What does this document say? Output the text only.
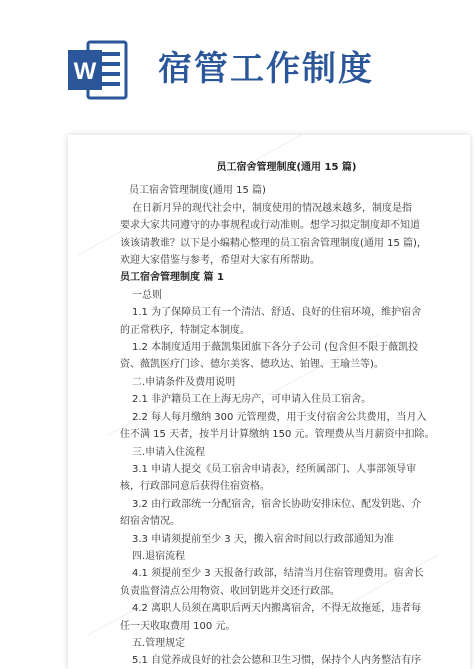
W 宿管工作制度
员工宿舍管理制度(通用 15 篇)
员工宿舍管理制度(通用 15 篇)
在日新月异的现代社会中，制度使用的情况越来越多，制度是指
要求大家共同遵守的办事规程或行动准则。想学习拟定制度却不知道
该该请教谁？以下是小编精心整理的员工宿舍管理制度(通用 15 篇)，
欢迎大家借鉴与参考，希望对大家有所帮助。
员工宿舍管理制度 篇 1
一总则
1.1 为了保障员工有一个清洁、舒适、良好的住宿环境，维护宿舍
的正常秩序，特制定本制度。
1.2 本制度适用于薇凯集团旗下各分子公司 (包含但不限于薇凯投
资、薇凯医疗门诊、德尔美客、德玖达、铂锂、王瑜兰等)。
二.申请条件及费用说明
2.1 非沪籍员工在上海无房产，可申请入住员工宿舍。
2.2 每人每月缴纳 300 元管理费，用于支付宿舍公共费用，当月入
住不满 15 天者，按半月计算缴纳 150 元。管理费从当月薪资中扣除。
三.申请入住流程
3.1 申请人提交《员工宿舍申请表》，经所属部门、人事部领导审
核，行政部同意后获得住宿资格。
3.2 由行政部统一分配宿舍，宿舍长协助安排床位、配发钥匙、介
绍宿舍情况。
3.3 申请须提前至少 3 天，搬入宿舍时间以行政部通知为准
四.退宿流程
4.1 须提前至少 3 天报备行政部，结清当月住宿管理费用。宿舍长
负责监督清点公用物资、收回钥匙并交还行政部。
4.2 离职人员须在离职后两天内搬离宿舍，不得无故拖延，违者每
任一天收取费用 100 元。
五.管理规定
5.1 自觉养成良好的社会公德和卫生习惯，保持个人内务整洁有序
